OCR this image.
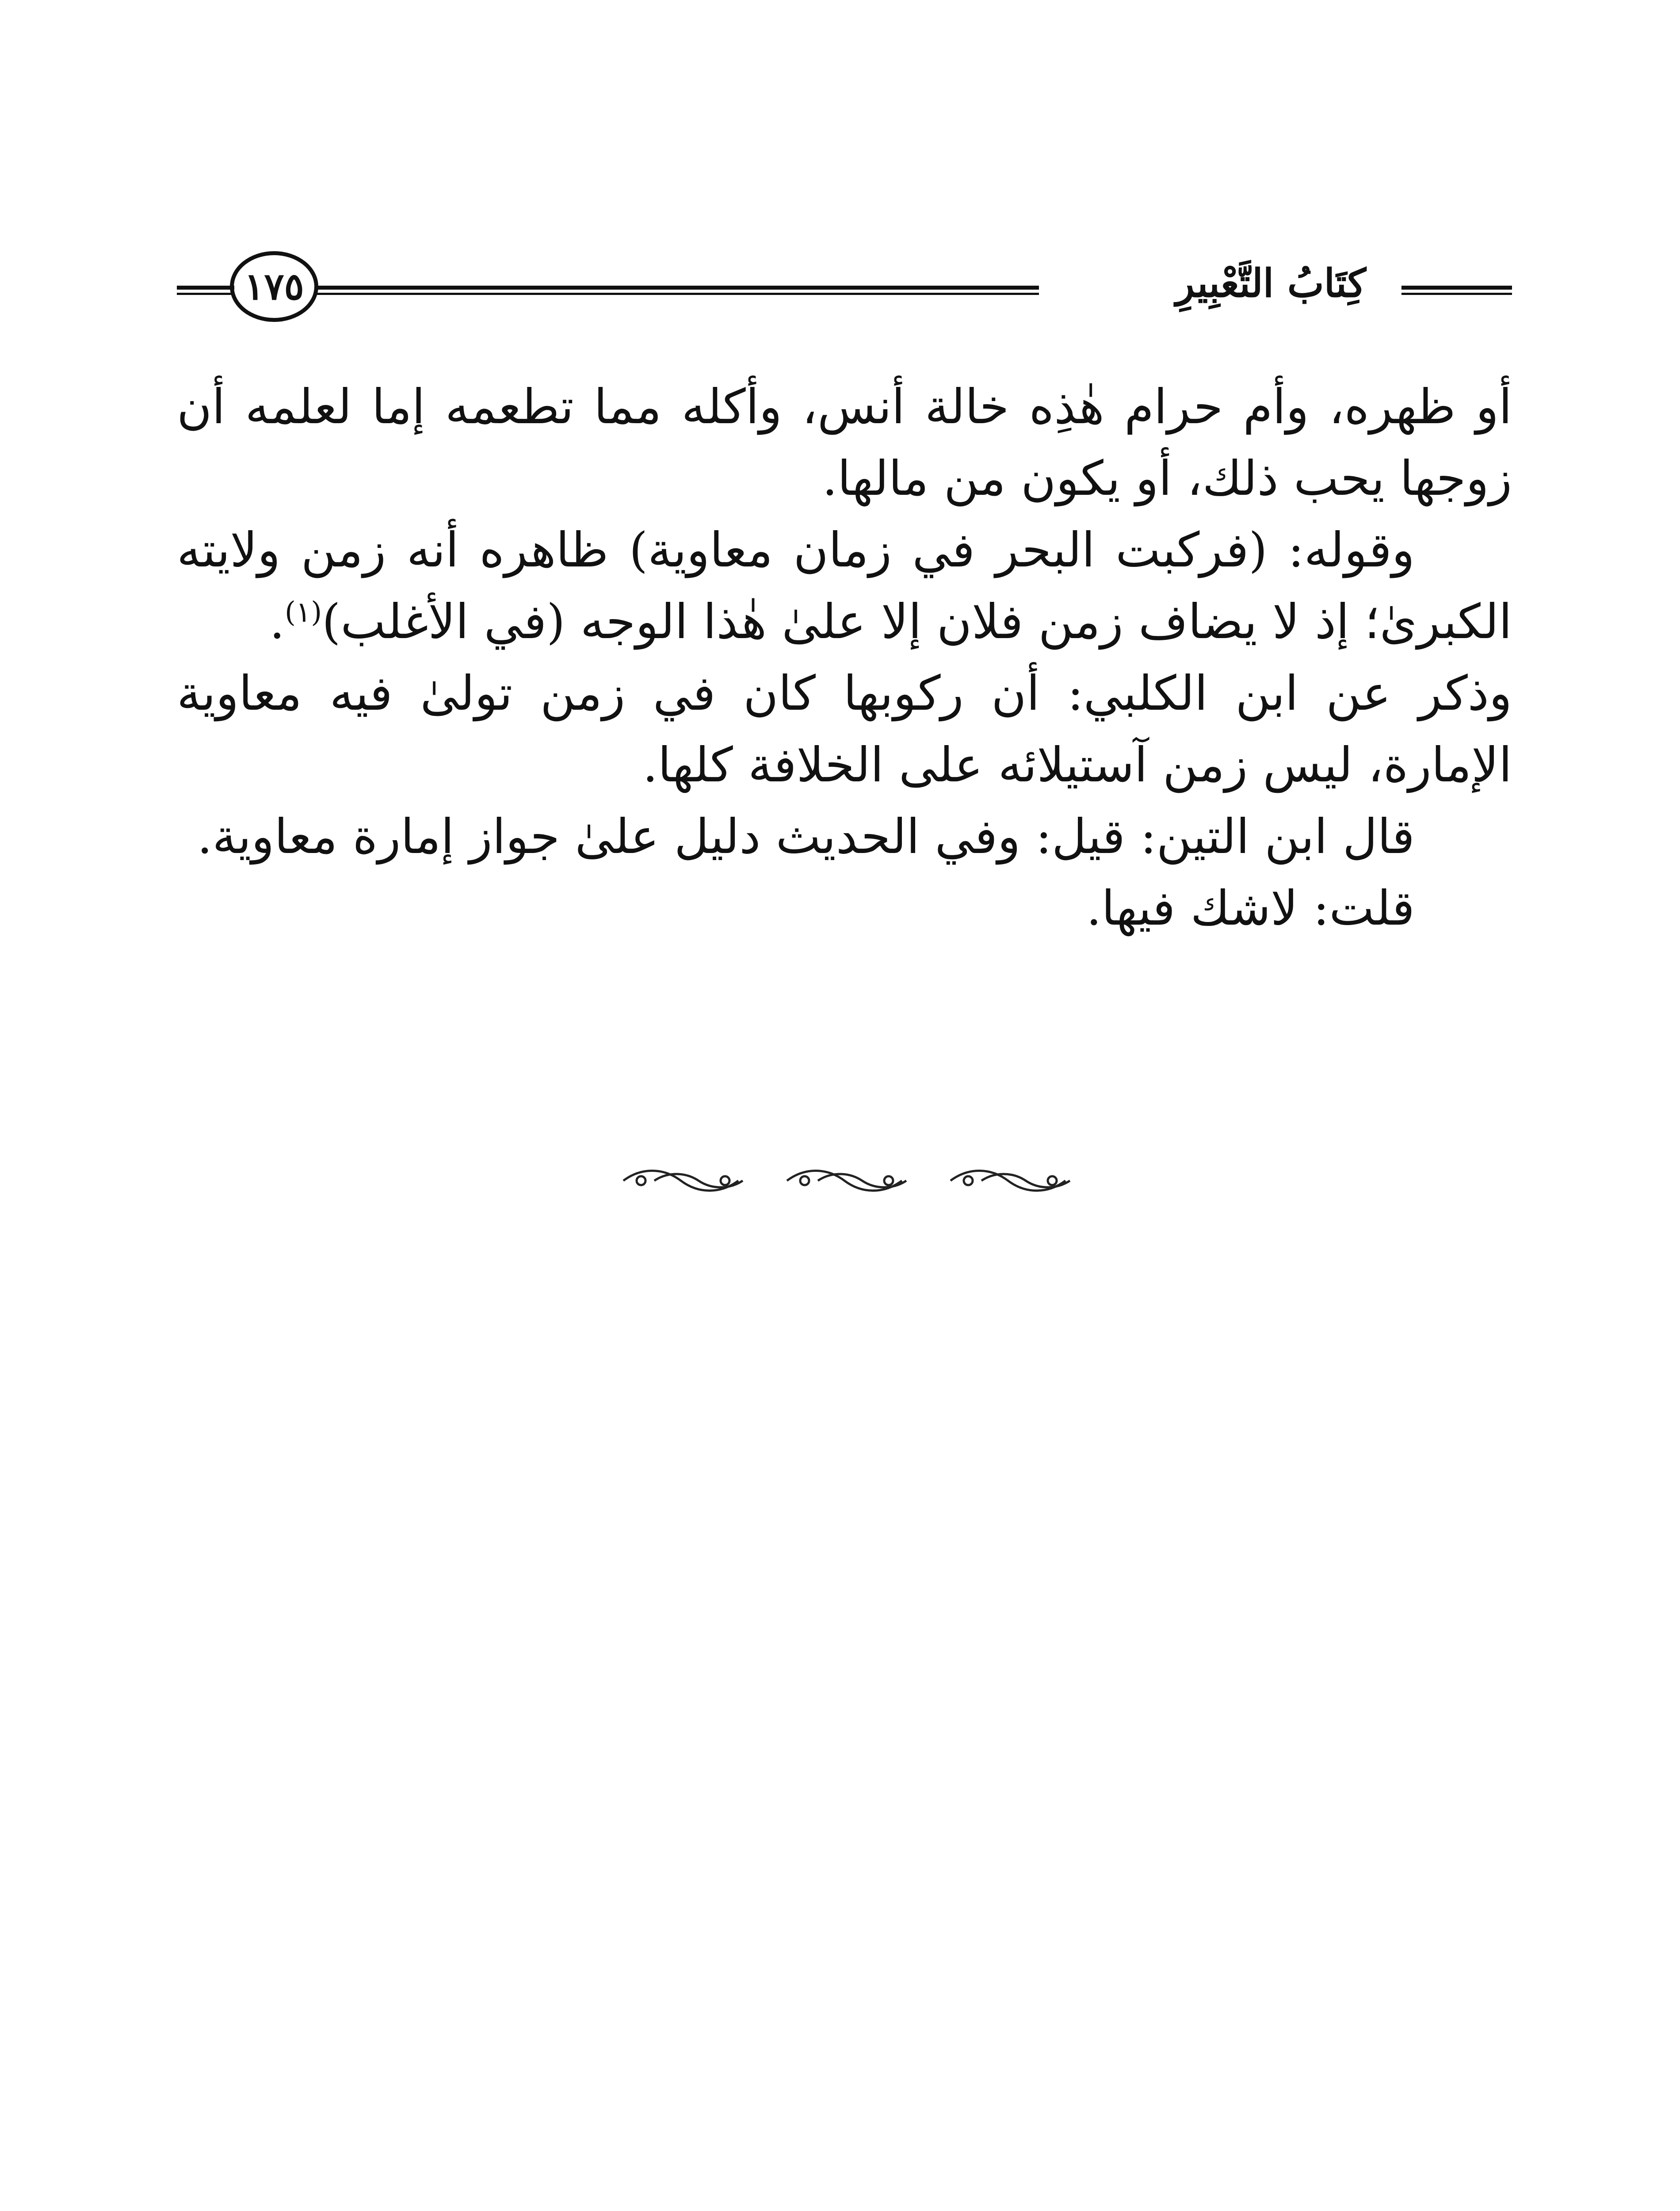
كِتَابُ التَّعْبِيرِ
١٧٥

أو ظهره، وأم حرام هٰذِه خالة أنس، وأكله مما تطعمه إما لعلمه أن زوجها يحب ذلك، أو يكون من مالها.

وقوله: (فركبت البحر في زمان معاوية) ظاهره أنه زمن ولايته الكبرىٰ؛ إذ لا يضاف زمن فلان إلا علىٰ هٰذا الوجه (في الأغلب)$^{(١)}$.

وذكر عن ابن الكلبي: أن ركوبها كان في زمن تولىٰ فيه معاوية الإمارة، ليس زمن آستيلائه على الخلافة كلها.

قال ابن التين: قيل: وفي الحديث دليل علىٰ جواز إمارة معاوية.

قلت: لاشك فيها.
